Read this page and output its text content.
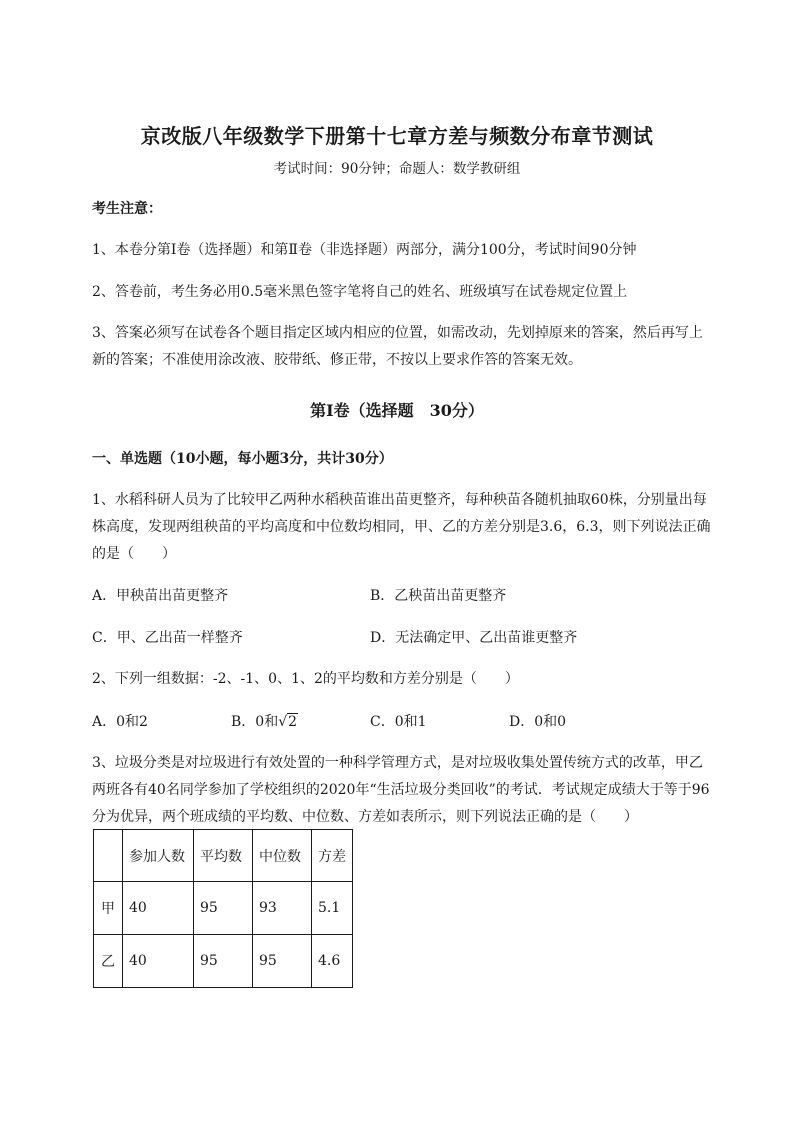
京改版八年级数学下册第十七章方差与频数分布章节测试
考试时间：90分钟；命题人：数学教研组

考生注意：

1、本卷分第I卷（选择题）和第Ⅱ卷（非选择题）两部分，满分100分，考试时间90分钟

2、答卷前，考生务必用0.5毫米黑色签字笔将自己的姓名、班级填写在试卷规定位置上

3、答案必须写在试卷各个题目指定区域内相应的位置，如需改动，先划掉原来的答案，然后再写上新的答案；不准使用涂改液、胶带纸、修正带，不按以上要求作答的答案无效。

第I卷（选择题　30分）

一、单选题（10小题，每小题3分，共计30分）

1、水稻科研人员为了比较甲乙两种水稻秧苗谁出苗更整齐，每种秧苗各随机抽取60株，分别量出每株高度，发现两组秧苗的平均高度和中位数均相同，甲、乙的方差分别是3.6，6.3，则下列说法正确的是（　　）

A．甲秧苗出苗更整齐	B．乙秧苗出苗更整齐
C．甲、乙出苗一样整齐	D．无法确定甲、乙出苗谁更整齐

2、下列一组数据：-2、-1、0、1、2的平均数和方差分别是（　　）

A．0和2	B．0和√2	C．0和1	D．0和0

3、垃圾分类是对垃圾进行有效处置的一种科学管理方式，是对垃圾收集处置传统方式的改革，甲乙两班各有40名同学参加了学校组织的2020年“生活垃圾分类回收”的考试．考试规定成绩大于等于96分为优异，两个班成绩的平均数、中位数、方差如表所示，则下列说法正确的是（　　）

	参加人数	平均数	中位数	方差
甲	40	95	93	5.1
乙	40	95	95	4.6
